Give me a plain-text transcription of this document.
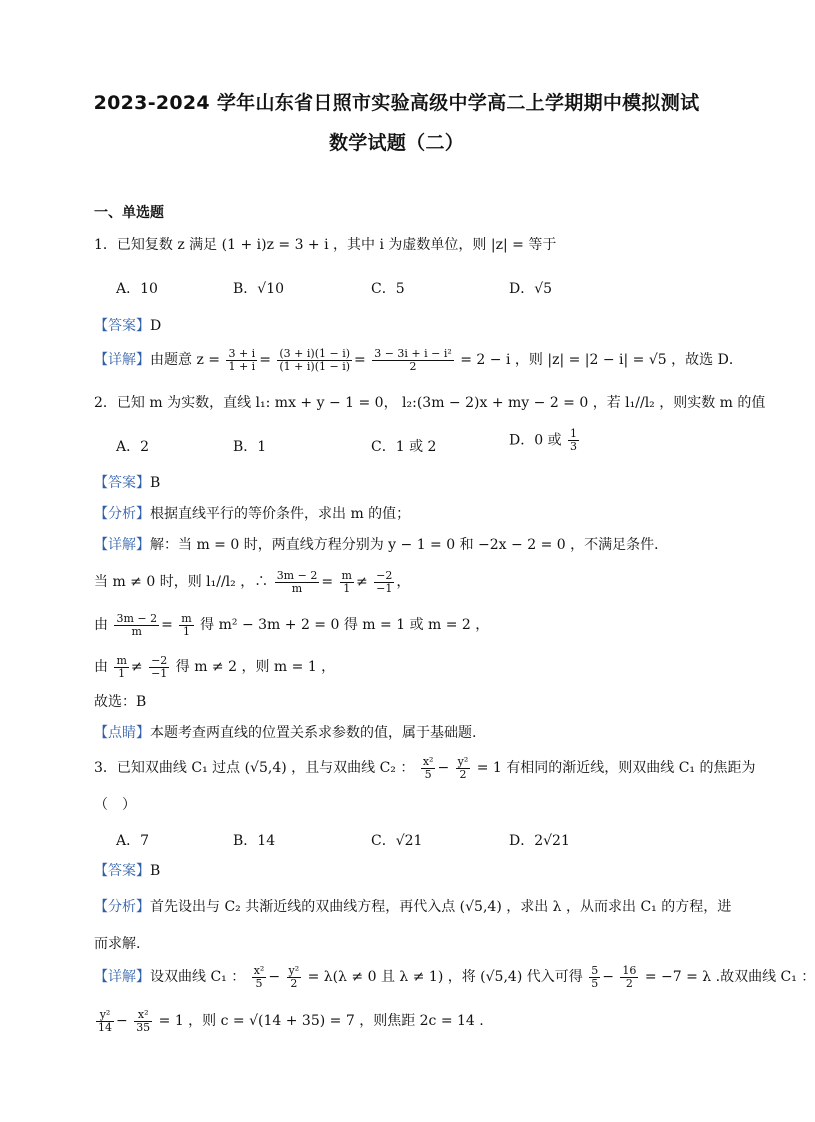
2023-2024 学年山东省日照市实验高级中学高二上学期期中模拟测试
数学试题（二）
一、单选题
1．已知复数 z 满足 (1 + i)z = 3 + i ，其中 i 为虚数单位，则 |z| = 等于
A．10	B．√10	C．5	D．√5
【答案】D
【详解】由题意 $z = \frac{3 + i}{1 + i} = \frac{(3 + i)(1 - i)}{(1 + i)(1 - i)} = \frac{\text{3 − 3i + i − i²}}{2} = 2 - i$ ，则 |z| = |2 − i| = √5 ，故选 D．
2．已知 m 为实数，直线 l₁: mx + y − 1 = 0， l₂:(3m − 2)x + my − 2 = 0 ，若 l₁//l₂ ，则实数 m 的值
A．2	B．1	C．1 或 2	D．0 或 $\frac{1}{3}$
【答案】B
【分析】根据直线平行的等价条件，求出 m 的值；
【详解】解：当 m = 0 时，两直线方程分别为 y − 1 = 0 和 −2x − 2 = 0 ，不满足条件．
当 m ≠ 0 时，则 l₁//l₂ ，∴ $\frac{3m - 2}{m} = \frac{m}{1} \ne \frac{-2}{-1}$ ，
由 $\frac{3m - 2}{m} = \frac{m}{1}$ 得 m² − 3m + 2 = 0 得 m = 1 或 m = 2 ，
由 $\frac{m}{1} \ne \frac{-2}{-1}$ 得 m ≠ 2 ，则 m = 1 ，
故选：B
【点睛】本题考查两直线的位置关系求参数的值，属于基础题.
3．已知双曲线 C₁ 过点 (√5,4) ，且与双曲线 C₂ ： $\frac{\text{x²}}{5} - \frac{\text{y²}}{2} = 1$ 有相同的渐近线，则双曲线 C₁ 的焦距为
（　）
A．7	B．14	C．√21	D．2√21
【答案】B
【分析】首先设出与 C₂ 共渐近线的双曲线方程，再代入点 (√5,4) ，求出 λ ，从而求出 C₁ 的方程，进
而求解.
【详解】设双曲线 C₁ ： $\frac{\text{x²}}{5} - \frac{\text{y²}}{2} = \lambda(\lambda \ne 0$ 且 λ ≠ 1) ，将 (√5,4) 代入可得 $\frac{5}{5} - \frac{16}{2} = -7 = \lambda$ .故双曲线 C₁ ：
$\frac{\text{y²}}{14} - \frac{\text{x²}}{35} = 1$ ，则 c = √(14 + 35) = 7 ，则焦距 2c = 14 .
